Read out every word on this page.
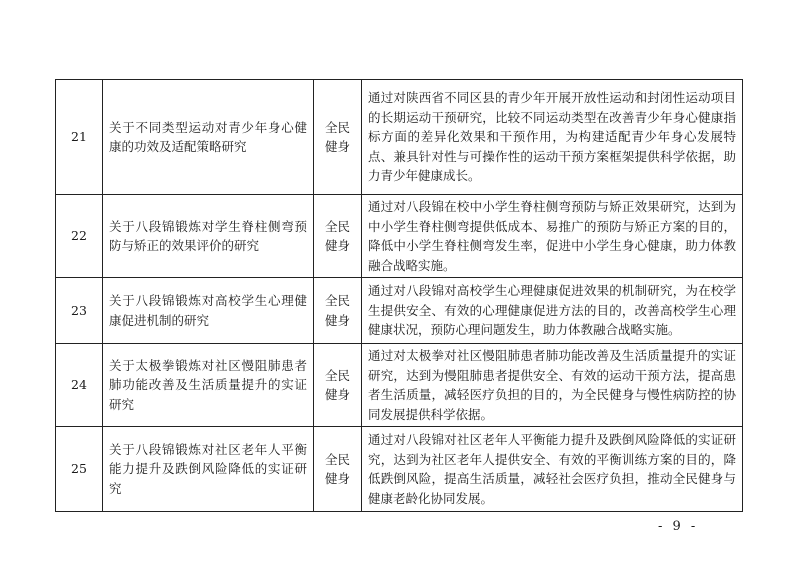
21	关于不同类型运动对青少年身心健康的功效及适配策略研究	全民健身	通过对陕西省不同区县的青少年开展开放性运动和封闭性运动项目的长期运动干预研究，比较不同运动类型在改善青少年身心健康指标方面的差异化效果和干预作用，为构建适配青少年身心发展特点、兼具针对性与可操作性的运动干预方案框架提供科学依据，助力青少年健康成长。
22	关于八段锦锻炼对学生脊柱侧弯预防与矫正的效果评价的研究	全民健身	通过对八段锦在校中小学生脊柱侧弯预防与矫正效果研究，达到为中小学生脊柱侧弯提供低成本、易推广的预防与矫正方案的目的，降低中小学生脊柱侧弯发生率，促进中小学生身心健康，助力体教融合战略实施。
23	关于八段锦锻炼对高校学生心理健康促进机制的研究	全民健身	通过对八段锦对高校学生心理健康促进效果的机制研究，为在校学生提供安全、有效的心理健康促进方法的目的，改善高校学生心理健康状况，预防心理问题发生，助力体教融合战略实施。
24	关于太极拳锻炼对社区慢阻肺患者肺功能改善及生活质量提升的实证研究	全民健身	通过对太极拳对社区慢阻肺患者肺功能改善及生活质量提升的实证研究，达到为慢阻肺患者提供安全、有效的运动干预方法，提高患者生活质量，减轻医疗负担的目的，为全民健身与慢性病防控的协同发展提供科学依据。
25	关于八段锦锻炼对社区老年人平衡能力提升及跌倒风险降低的实证研究	全民健身	通过对八段锦对社区老年人平衡能力提升及跌倒风险降低的实证研究，达到为社区老年人提供安全、有效的平衡训练方案的目的，降低跌倒风险，提高生活质量，减轻社会医疗负担，推动全民健身与健康老龄化协同发展。
- 9 -
